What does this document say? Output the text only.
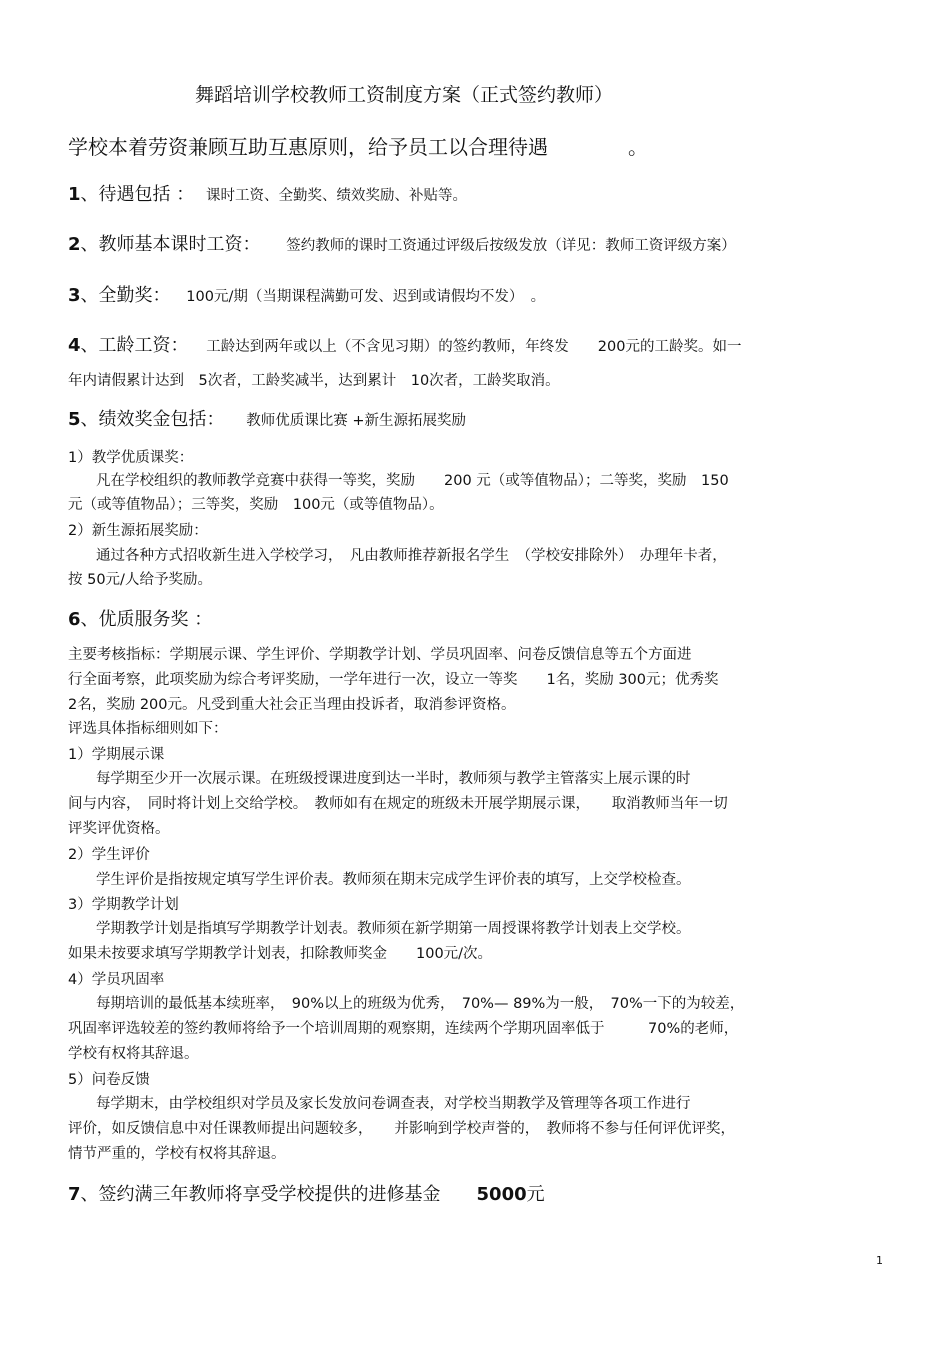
舞蹈培训学校教师工资制度方案（正式签约教师）
学校本着劳资兼顾互助互惠原则，给予员工以合理待遇　　　　。
1、待遇包括 ： 课时工资、全勤奖、绩效奖励、补贴等。
2、教师基本课时工资： 签约教师的课时工资通过评级后按级发放（详见：教师工资评级方案）
3、全勤奖： 100元/期（当期课程满勤可发、迟到或请假均不发）　。
4、工龄工资： 工龄达到两年或以上（不含见习期）的签约教师，年终发　　200元的工龄奖。如一
年内请假累计达到　5次者，工龄奖减半，达到累计　10次者，工龄奖取消。
5、绩效奖金包括： 教师优质课比赛 +新生源拓展奖励
1）教学优质课奖：
凡在学校组织的教师教学竞赛中获得一等奖，奖励　　200 元（或等值物品）；二等奖，奖励　150
元（或等值物品）；三等奖，奖励　100元（或等值物品）。
2）新生源拓展奖励：
通过各种方式招收新生进入学校学习，　凡由教师推荐新报名学生　（学校安排除外）　办理年卡者，
按 50元/人给予奖励。
6、优质服务奖 ：
主要考核指标：学期展示课、学生评价、学期教学计划、学员巩固率、问卷反馈信息等五个方面进
行全面考察，此项奖励为综合考评奖励，一学年进行一次，设立一等奖　　1名，奖励 300元；优秀奖
2名，奖励 200元。凡受到重大社会正当理由投诉者，取消参评资格。
评选具体指标细则如下：
1）学期展示课
每学期至少开一次展示课。在班级授课进度到达一半时，教师须与教学主管落实上展示课的时
间与内容，　同时将计划上交给学校。　教师如有在规定的班级未开展学期展示课，　　取消教师当年一切
评奖评优资格。
2）学生评价
学生评价是指按规定填写学生评价表。教师须在期末完成学生评价表的填写，上交学校检查。
3）学期教学计划
学期教学计划是指填写学期教学计划表。教师须在新学期第一周授课将教学计划表上交学校。
如果未按要求填写学期教学计划表，扣除教师奖金　　100元/次。
4）学员巩固率
每期培训的最低基本续班率，　90%以上的班级为优秀，　70%— 89%为一般，　70%一下的为较差，
巩固率评选较差的签约教师将给予一个培训周期的观察期，连续两个学期巩固率低于　　　70%的老师，
学校有权将其辞退。
5）问卷反馈
每学期末，由学校组织对学员及家长发放问卷调查表，对学校当期教学及管理等各项工作进行
评价，如反馈信息中对任课教师提出问题较多，　　并影响到学校声誉的，　教师将不参与任何评优评奖，
情节严重的，学校有权将其辞退。
7、签约满三年教师将享受学校提供的进修基金　　5000元
1
